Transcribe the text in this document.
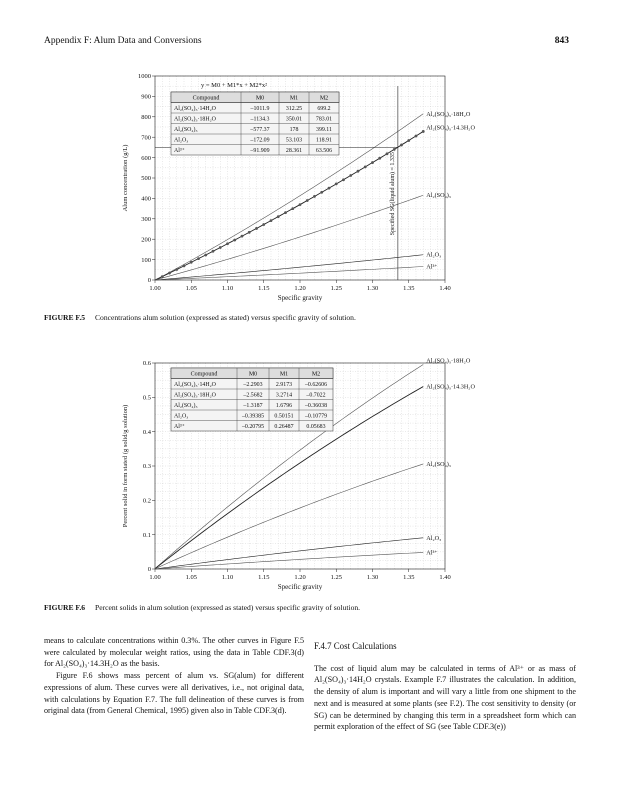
Appendix F: Alum Data and Conversions	843
1.00	1.05	1.10	1.15	1.20	1.25	1.30	1.35	1.40
0
100
200
300
400
500
600
700
800
900
1000
Specific gravity
Alum concentration (g/L)
Al₂(SO₄)₃·18H₂O
Al₂(SO₄)₃·14.3H₂O
Al₂(SO₄)₃
Al₂O₃
Al³⁺
Specified SG(liquid alum) = 1.335
y = M0 + M1*x + M2*x²
Compound	M0	M1	M2
Al₂(SO₄)₃·14H₂O	–1011.9	312.25	699.2
Al₂(SO₄)₃·18H₂O	–1134.3	350.01 783.01
Al₂(SO₄)₃	–577.37	178	399.11
Al₂O₃	–172.09	53.103 118.91
Al³⁺	–91.909	28.361 63.506
FIGURE F.5 Concentrations alum solution (expressed as stated) versus specific gravity of solution.
1.00	1.05	1.10	1.15	1.20	1.25	1.30	1.35	1.40
0
0.1
0.2
0.3
0.4
0.5
0.6
Specific gravity
Percent solid in form stated (g solid/g solution)
Al₂(SO₄)₃·18H₂O
Al₂(SO₄)₃·14.3H₂O
Al₂(SO₄)₃
Al₂O₃
Al³⁺
Compound	M0	M1	M2
Al₂(SO₄)₃·14H₂O	–2.2903 2.9173 –0.62606
Al₂(SO₄)₃·18H₂O	–2.5682 3.2714 –0.7022
Al₂(SO₄)₃	–1.3187 1.6796 –0.36038
Al₂O₃	–0.39385 0.50151 –0.10779
Al³⁺	–0.20795 0.26487 0.05683
FIGURE F.6 Percent solids in alum solution (expressed as stated) versus specific gravity of solution.

means to calculate concentrations within 0.3%. The other curves in Figure F.5 were calculated by molecular weight ratios, using the data in Table CDF.3(d) for Al₂(SO₄)₃·14.3H₂O as the basis.

Figure F.6 shows mass percent of alum vs. SG(alum) for different expressions of alum. These curves were all derivatives, i.e., not original data, with calculations by Equation F.7. The full delineation of these curves is from original data (from General Chemical, 1995) given also in Table CDF.3(d).

F.4.7 Cost Calculations

The cost of liquid alum may be calculated in terms of Al³⁺ or as mass of Al₂(SO₄)₃·14H₂O crystals. Example F.7 illustrates the calculation. In addition, the density of alum is important and will vary a little from one shipment to the next and is measured at some plants (see F.2). The cost sensitivity to density (or SG) can be determined by changing this term in a spreadsheet form which can permit exploration of the effect of SG (see Table CDF.3(e))
